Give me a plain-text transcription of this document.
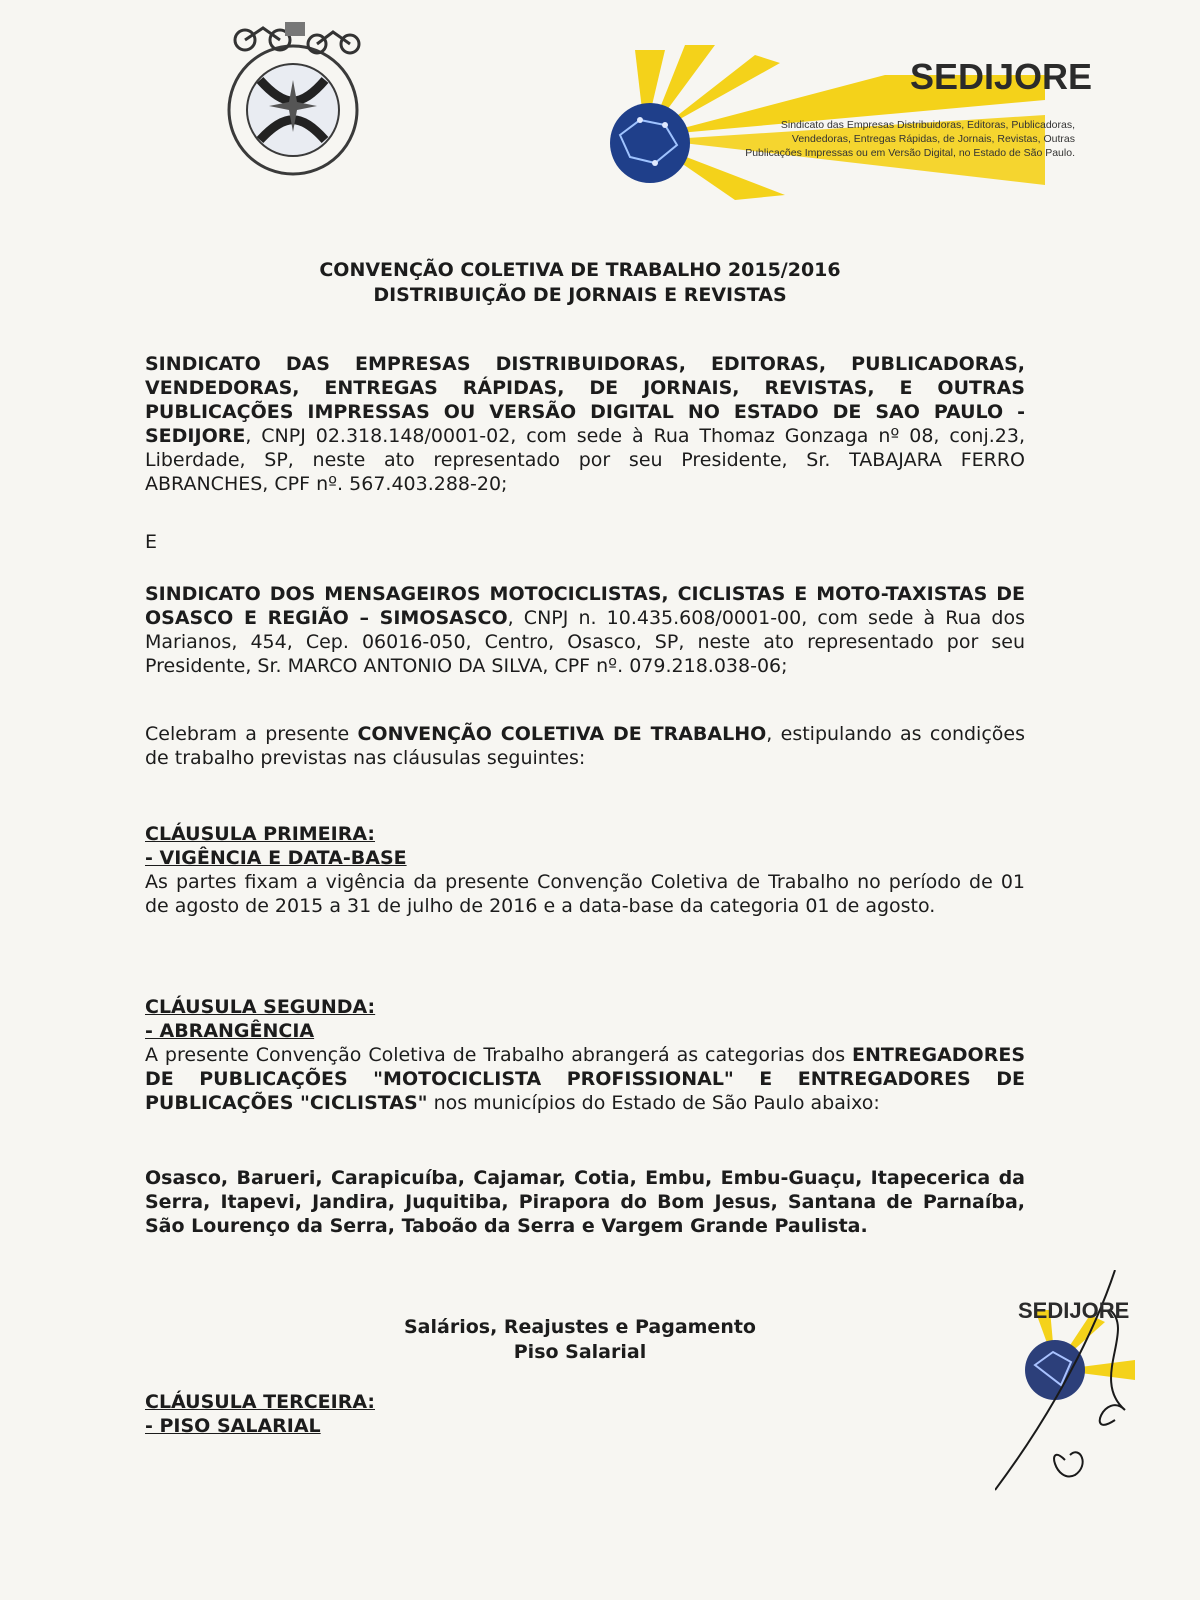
SEDIJORE
Sindicato das Empresas Distribuidoras, Editoras, Publicadoras, Vendedoras, Entregas Rápidas, de Jornais, Revistas, Outras Publicações Impressas ou em Versão Digital, no Estado de São Paulo.
CONVENÇÃO COLETIVA DE TRABALHO 2015/2016
DISTRIBUIÇÃO DE JORNAIS E REVISTAS
SINDICATO DAS EMPRESAS DISTRIBUIDORAS, EDITORAS, PUBLICADORAS, VENDEDORAS, ENTREGAS RÁPIDAS, DE JORNAIS, REVISTAS, E OUTRAS PUBLICAÇÕES IMPRESSAS OU VERSÃO DIGITAL NO ESTADO DE SAO PAULO - SEDIJORE, CNPJ 02.318.148/0001-02, com sede à Rua Thomaz Gonzaga nº 08, conj.23, Liberdade, SP, neste ato representado por seu Presidente, Sr. TABAJARA FERRO ABRANCHES, CPF nº. 567.403.288-20;
E
SINDICATO DOS MENSAGEIROS MOTOCICLISTAS, CICLISTAS E MOTO-TAXISTAS DE OSASCO E REGIÃO – SIMOSASCO, CNPJ n. 10.435.608/0001-00, com sede à Rua dos Marianos, 454, Cep. 06016-050, Centro, Osasco, SP, neste ato representado por seu Presidente, Sr. MARCO ANTONIO DA SILVA, CPF nº. 079.218.038-06;
Celebram a presente CONVENÇÃO COLETIVA DE TRABALHO, estipulando as condições de trabalho previstas nas cláusulas seguintes:
CLÁUSULA PRIMEIRA:
- VIGÊNCIA E DATA-BASE
As partes fixam a vigência da presente Convenção Coletiva de Trabalho no período de 01 de agosto de 2015 a 31 de julho de 2016 e a data-base da categoria 01 de agosto.
CLÁUSULA SEGUNDA:
- ABRANGÊNCIA
A presente Convenção Coletiva de Trabalho abrangerá as categorias dos ENTREGADORES DE PUBLICAÇÕES "MOTOCICLISTA PROFISSIONAL" E ENTREGADORES DE PUBLICAÇÕES "CICLISTAS" nos municípios do Estado de São Paulo abaixo:
Osasco, Barueri, Carapicuíba, Cajamar, Cotia, Embu, Embu-Guaçu, Itapecerica da Serra, Itapevi, Jandira, Juquitiba, Pirapora do Bom Jesus, Santana de Parnaíba, São Lourenço da Serra, Taboão da Serra e Vargem Grande Paulista.
Salários, Reajustes e Pagamento
Piso Salarial
CLÁUSULA TERCEIRA:
- PISO SALARIAL
SEDIJORE
